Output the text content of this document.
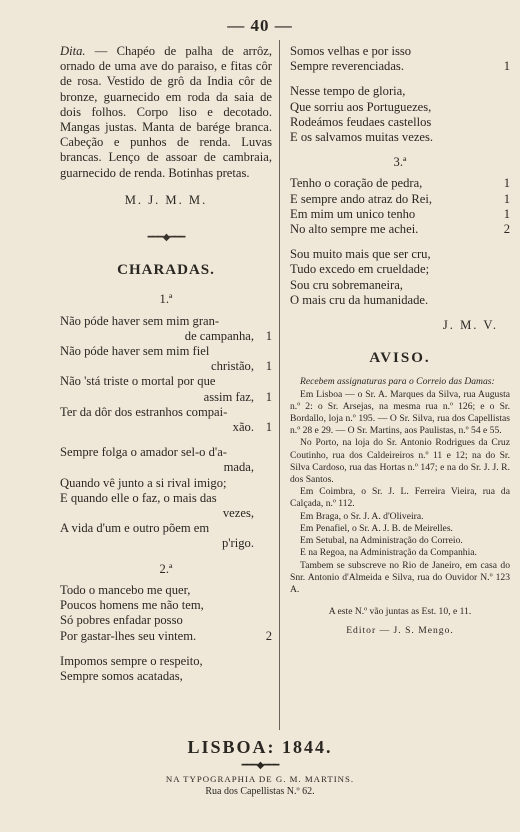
— 40 —

Dita. — Chapéo de palha de arrôz, ornado de uma ave do paraiso, e fitas côr de rosa. Vestido de grô da India côr de bronze, guarnecido em roda da saia de dois folhos. Corpo liso e decotado. Mangas justas. Manta de barége branca. Cabeção e punhos de renda. Luvas brancas. Lenço de assoar de cambraia, guarnecido de renda. Botinhas pretas.

M. J. M. M.
━━━◆━━━
CHARADAS.
1.ª
Não póde haver sem mim gran-
de campanha, 1
Não póde haver sem mim fiel
christão, 1
Não 'stá triste o mortal por que
assim faz, 1
Ter da dôr dos estranhos compai-
xão. 1
Sempre folga o amador sel-o d'a-
mada,
Quando vê junto a si rival imigo;
E quando elle o faz, o mais das
vezes,
A vida d'um e outro põem em
p'rigo.
2.ª
Todo o mancebo me quer,
Poucos homens me não tem,
Só pobres enfadar posso
Por gastar-lhes seu vintem.	2
Impomos sempre o respeito,
Sempre somos acatadas,
Somos velhas e por isso
Sempre reverenciadas.	1
Nesse tempo de gloria,
Que sorriu aos Portuguezes,
Rodeámos feudaes castellos
E os salvamos muitas vezes.
3.ª
Tenho o coração de pedra,	1
E sempre ando atraz do Rei,	1
Em mim um unico tenho	1
No alto sempre me achei.	2
Sou muito mais que ser cru,
Tudo excedo em crueldade;
Sou cru sobremaneira,
O mais cru da humanidade.
J. M. V.
AVISO.

Recebem assignaturas para o Correio das Damas:

Em Lisboa — o Sr. A. Marques da Silva, rua Augusta n.º 2: o Sr. Arsejas, na mesma rua n.º 126; e o Sr. Bordallo, loja n.º 195. — O Sr. Silva, rua dos Capellistas n.º 28 e 29. — O Sr. Martins, aos Paulistas, n.º 54 e 55.

No Porto, na loja do Sr. Antonio Rodrigues da Cruz Coutinho, rua dos Caldeireiros n.º 11 e 12; na do Sr. Silva Cardoso, rua das Hortas n.º 147; e na do Sr. J. J. R. dos Santos.

Em Coimbra, o Sr. J. L. Ferreira Vieira, rua da Calçada, n.º 112.

Em Braga, o Sr. J. A. d'Oliveira.

Em Penafiel, o Sr. A. J. B. de Meirelles.

Em Setubal, na Administração do Correio.

E na Regoa, na Administração da Companhia.

Tambem se subscreve no Rio de Janeiro, em casa do Snr. Antonio d'Almeida e Silva, rua do Ouvidor N.º 123 A.

A este N.º vão juntas as Est. 10, e 11.
Editor — J. S. Mengo.
LISBOA: 1844.
━━━◆━━━
NA TYPOGRAPHIA DE G. M. MARTINS.
Rua dos Capellistas N.º 62.
